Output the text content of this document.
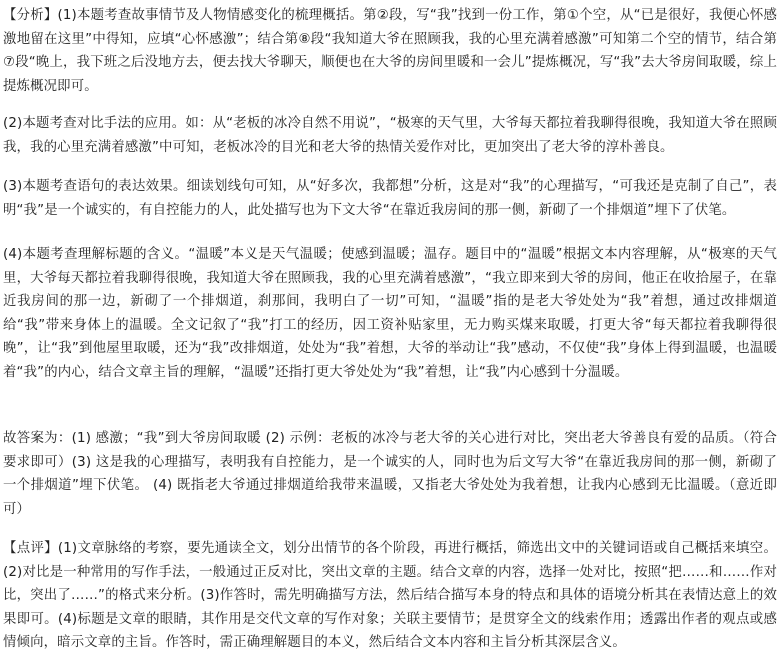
【分析】(1)本题考查故事情节及人物情感变化的梳理概括。第②段，写“我”找到一份工作，第①个空，从“已是很好，我便心怀感激地留在这里”中得知，应填“心怀感激”；结合第⑧段“我知道大爷在照顾我，我的心里充满着感激”可知第二个空的情节，结合第⑦段“晚上，我下班之后没地方去，便去找大爷聊天，顺便也在大爷的房间里暖和一会儿”提炼概况，写“我”去大爷房间取暖，综上提炼概况即可。

(2)本题考查对比手法的应用。如：从“老板的冰冷自然不用说”，“极寒的天气里，大爷每天都拉着我聊得很晚，我知道大爷在照顾我，我的心里充满着感激”中可知，老板冰冷的目光和老大爷的热情关爱作对比，更加突出了老大爷的淳朴善良。

(3)本题考查语句的表达效果。细读划线句可知，从“好多次，我都想”分析，这是对“我”的心理描写，“可我还是克制了自己”，表明“我”是一个诚实的，有自控能力的人，此处描写也为下文大爷“在靠近我房间的那一侧，新砌了一个排烟道”埋下了伏笔。

(4)本题考查理解标题的含义。“温暖”本义是天气温暖；使感到温暖；温存。题目中的“温暖”根据文本内容理解，从“极寒的天气里，大爷每天都拉着我聊得很晚，我知道大爷在照顾我，我的心里充满着感激”，“我立即来到大爷的房间，他正在收拾屋子，在靠近我房间的那一边，新砌了一个排烟道，刹那间，我明白了一切”可知，“温暖”指的是老大爷处处为“我”着想，通过改排烟道给“我”带来身体上的温暖。全文记叙了“我”打工的经历，因工资补贴家里，无力购买煤来取暖，打更大爷“每天都拉着我聊得很晚”，让“我”到他屋里取暖，还为“我”改排烟道，处处为“我”着想，大爷的举动让“我”感动，不仅使“我”身体上得到温暖，也温暖着“我”的内心，结合文章主旨的理解，“温暖”还指打更大爷处处为“我”着想，让“我”内心感到十分温暖。

故答案为：(1) 感激；“我”到大爷房间取暖 (2) 示例：老板的冰冷与老大爷的关心进行对比，突出老大爷善良有爱的品质。（符合要求即可）(3) 这是我的心理描写，表明我有自控能力，是一个诚实的人，同时也为后文写大爷“在靠近我房间的那一侧，新砌了一个排烟道”埋下伏笔。 (4) 既指老大爷通过排烟道给我带来温暖，又指老大爷处处为我着想，让我内心感到无比温暖。（意近即可）

【点评】(1)文章脉络的考察，要先通读全文，划分出情节的各个阶段，再进行概括，筛选出文中的关键词语或自己概括来填空。(2)对比是一种常用的写作手法，一般通过正反对比，突出文章的主题。结合文章的内容，选择一处对比，按照“把……和……作对比，突出了……”的格式来分析。(3)作答时，需先明确描写方法，然后结合描写本身的特点和具体的语境分析其在表情达意上的效果即可。(4)标题是文章的眼睛，其作用是交代文章的写作对象；关联主要情节；是贯穿全文的线索作用；透露出作者的观点或感情倾向，暗示文章的主旨。作答时，需正确理解题目的本义，然后结合文本内容和主旨分析其深层含义。
